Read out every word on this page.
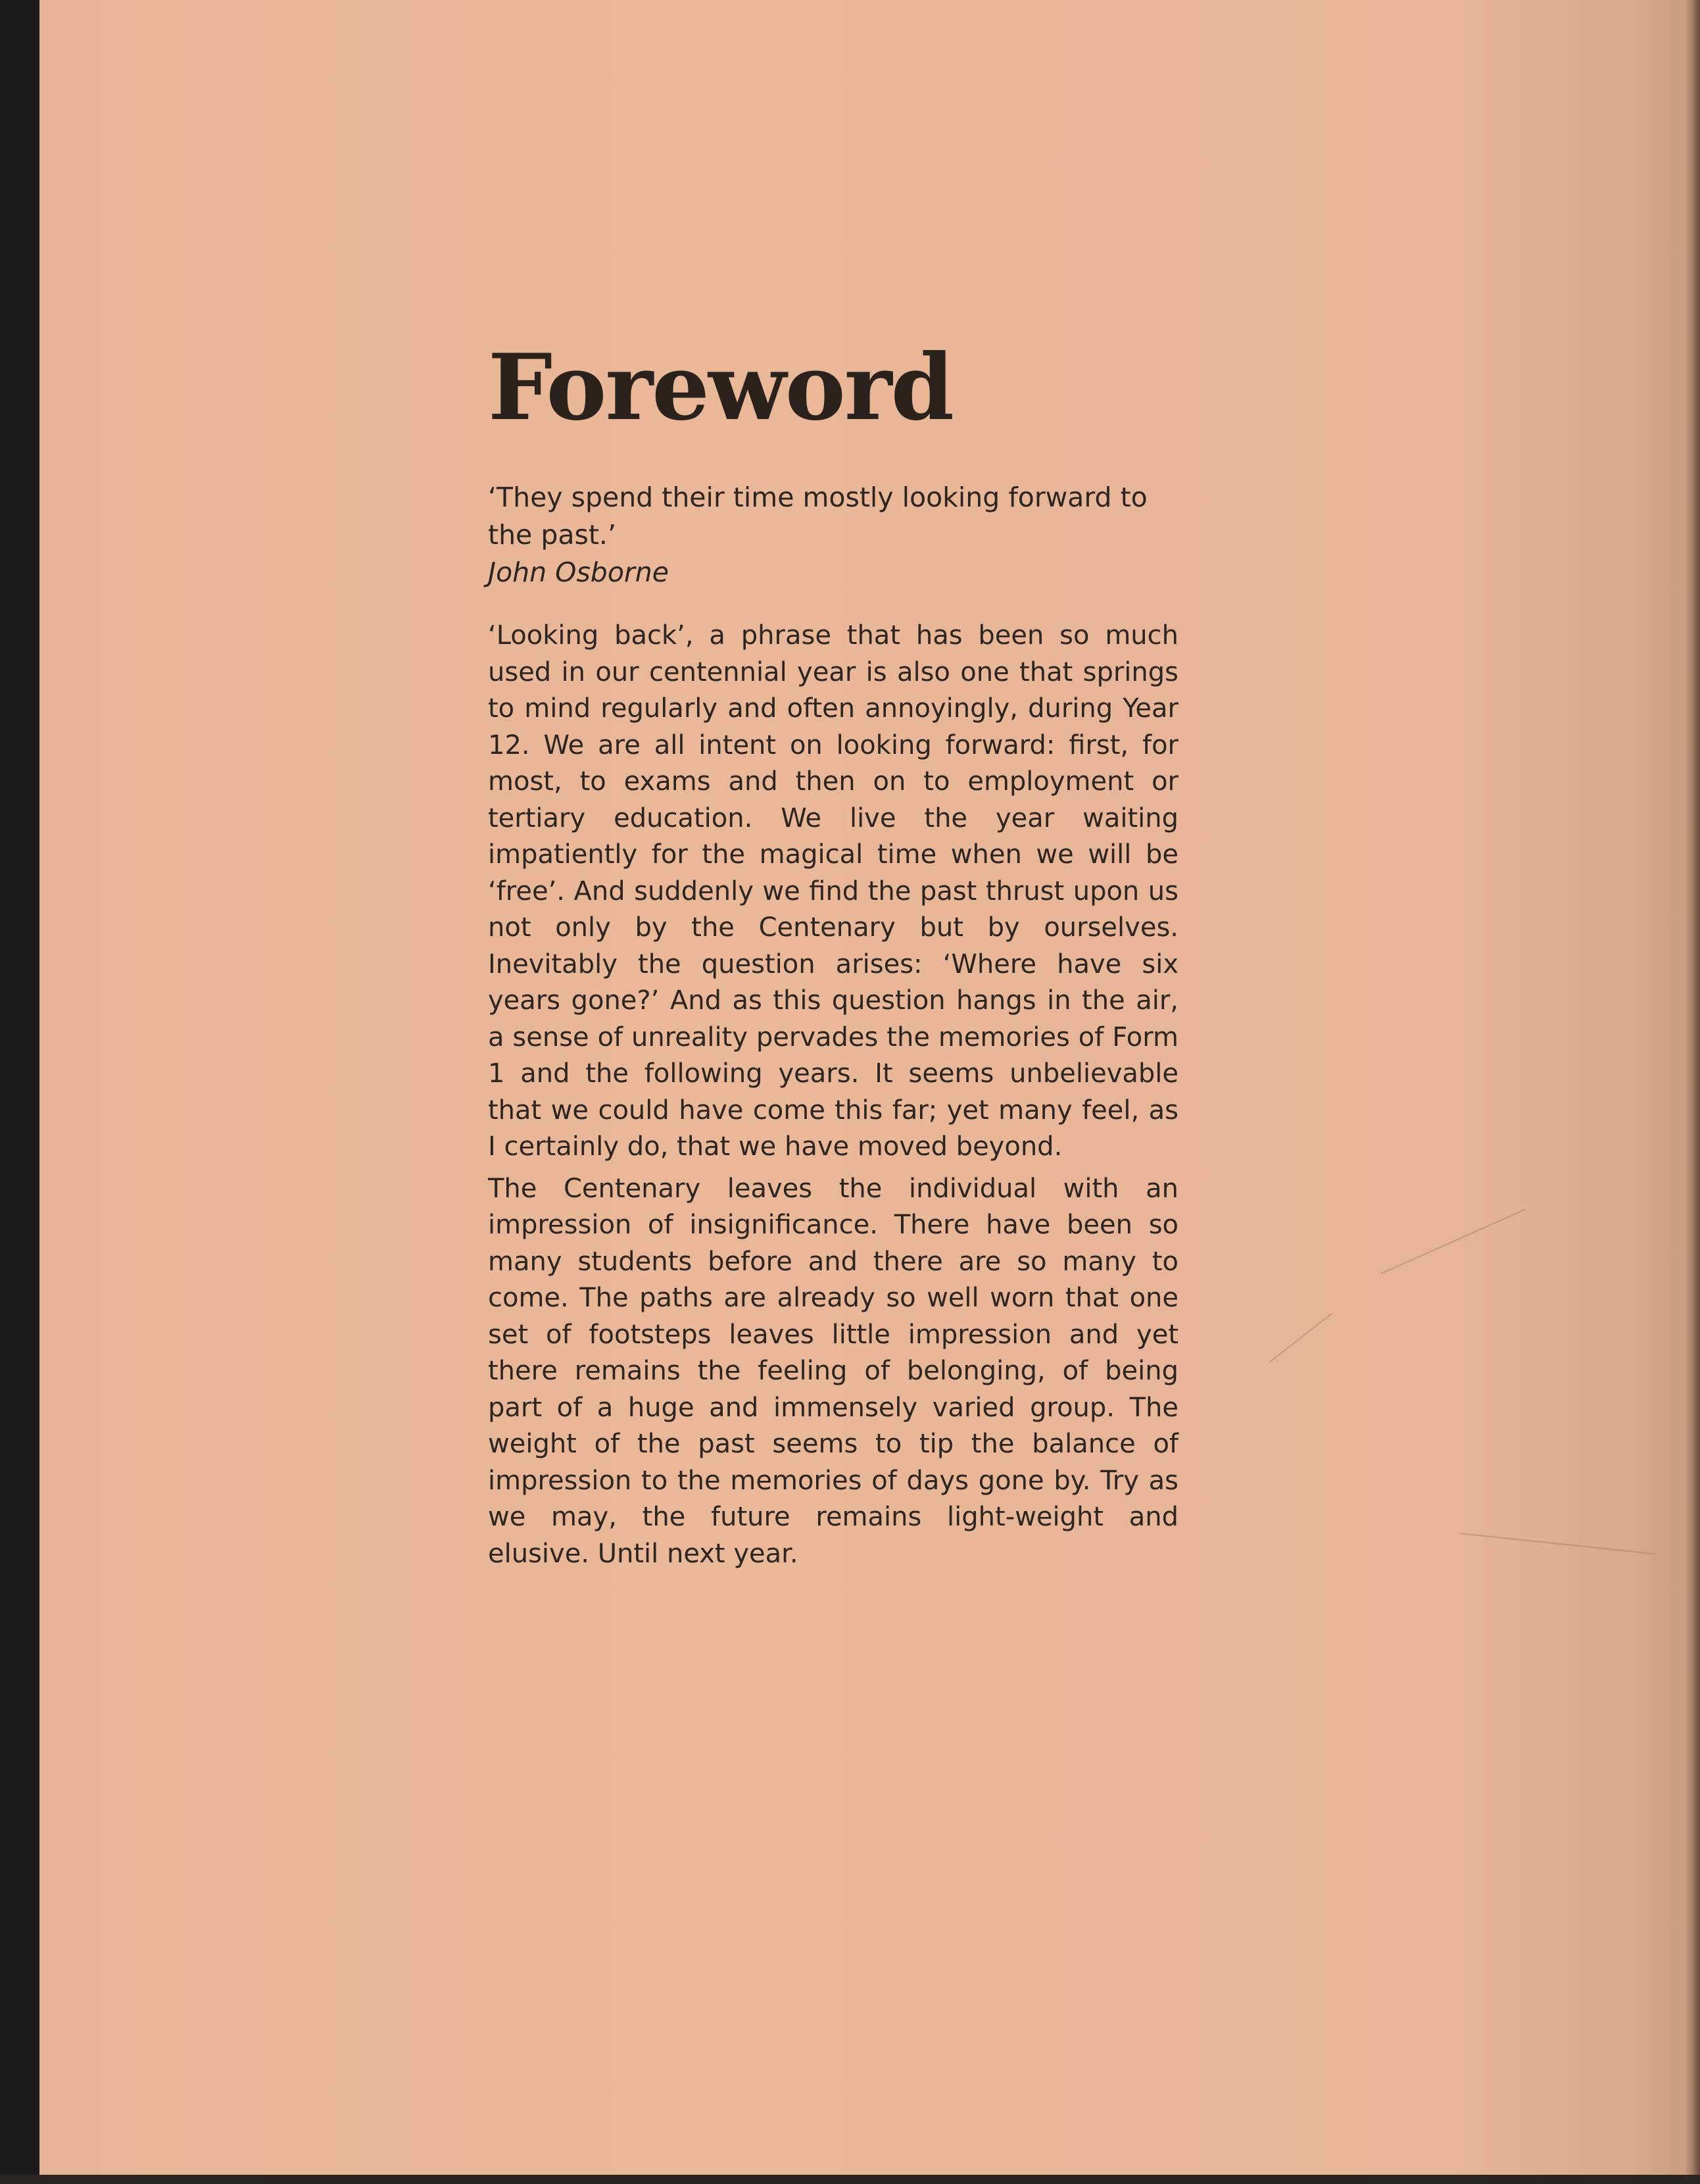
Foreword
‘They spend their time mostly looking forward to the past.’
John Osborne

‘Looking back’, a phrase that has been so much used in our centennial year is also one that springs to mind regularly and often annoyingly, during Year 12. We are all intent on looking forward: first, for most, to exams and then on to employment or tertiary education. We live the year waiting impatiently for the magical time when we will be ‘free’. And suddenly we find the past thrust upon us not only by the Centenary but by ourselves. Inevitably the question arises: ‘Where have six years gone?’ And as this question hangs in the air, a sense of unreality pervades the memories of Form 1 and the following years. It seems unbelievable that we could have come this far; yet many feel, as I certainly do, that we have moved beyond.

The Centenary leaves the individual with an impression of insignificance. There have been so many students before and there are so many to come. The paths are already so well worn that one set of footsteps leaves little impression and yet there remains the feeling of belonging, of being part of a huge and immensely varied group. The weight of the past seems to tip the balance of impression to the memories of days gone by. Try as we may, the future remains light-weight and elusive. Until next year.
